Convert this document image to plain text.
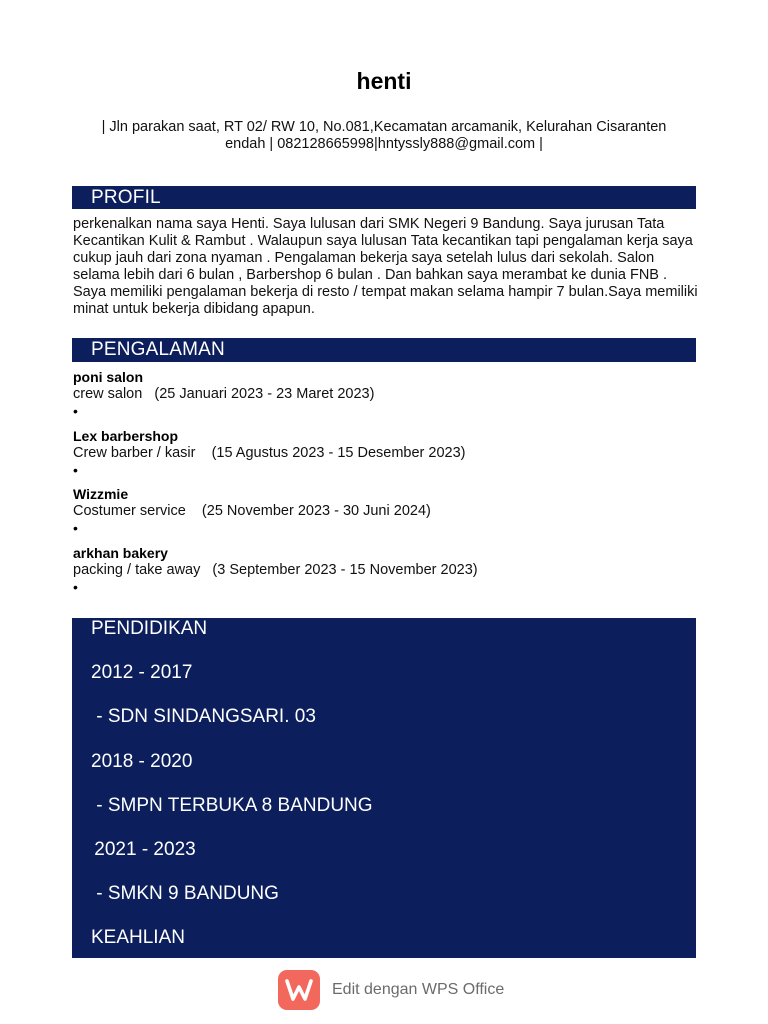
henti
| Jln parakan saat, RT 02/ RW 10, No.081,Kecamatan arcamanik, Kelurahan Cisaranten
endah | 082128665998|hntyssly888@gmail.com |
PROFIL
perkenalkan nama saya Henti. Saya lulusan dari SMK Negeri 9 Bandung. Saya jurusan Tata Kecantikan Kulit & Rambut . Walaupun saya lulusan Tata kecantikan tapi pengalaman kerja saya cukup jauh dari zona nyaman . Pengalaman bekerja saya setelah lulus dari sekolah. Salon selama lebih dari 6 bulan , Barbershop 6 bulan . Dan bahkan saya merambat ke dunia FNB . Saya memiliki pengalaman bekerja di resto / tempat makan selama hampir 7 bulan.Saya memiliki minat untuk bekerja dibidang apapun.
PENGALAMAN
poni salon
crew salon   (25 Januari 2023 - 23 Maret 2023)
•
Lex barbershop
Crew barber / kasir    (15 Agustus 2023 - 15 Desember 2023)
•
Wizzmie
Costumer service    (25 November 2023 - 30 Juni 2024)
•
arkhan bakery
packing / take away   (3 September 2023 - 15 November 2023)
•
PENDIDIKAN
2012 - 2017
- SDN SINDANGSARI. 03
2018 - 2020
- SMPN TERBUKA 8 BANDUNG
2021 - 2023
- SMKN 9 BANDUNG
KEAHLIAN
Edit dengan WPS Office
